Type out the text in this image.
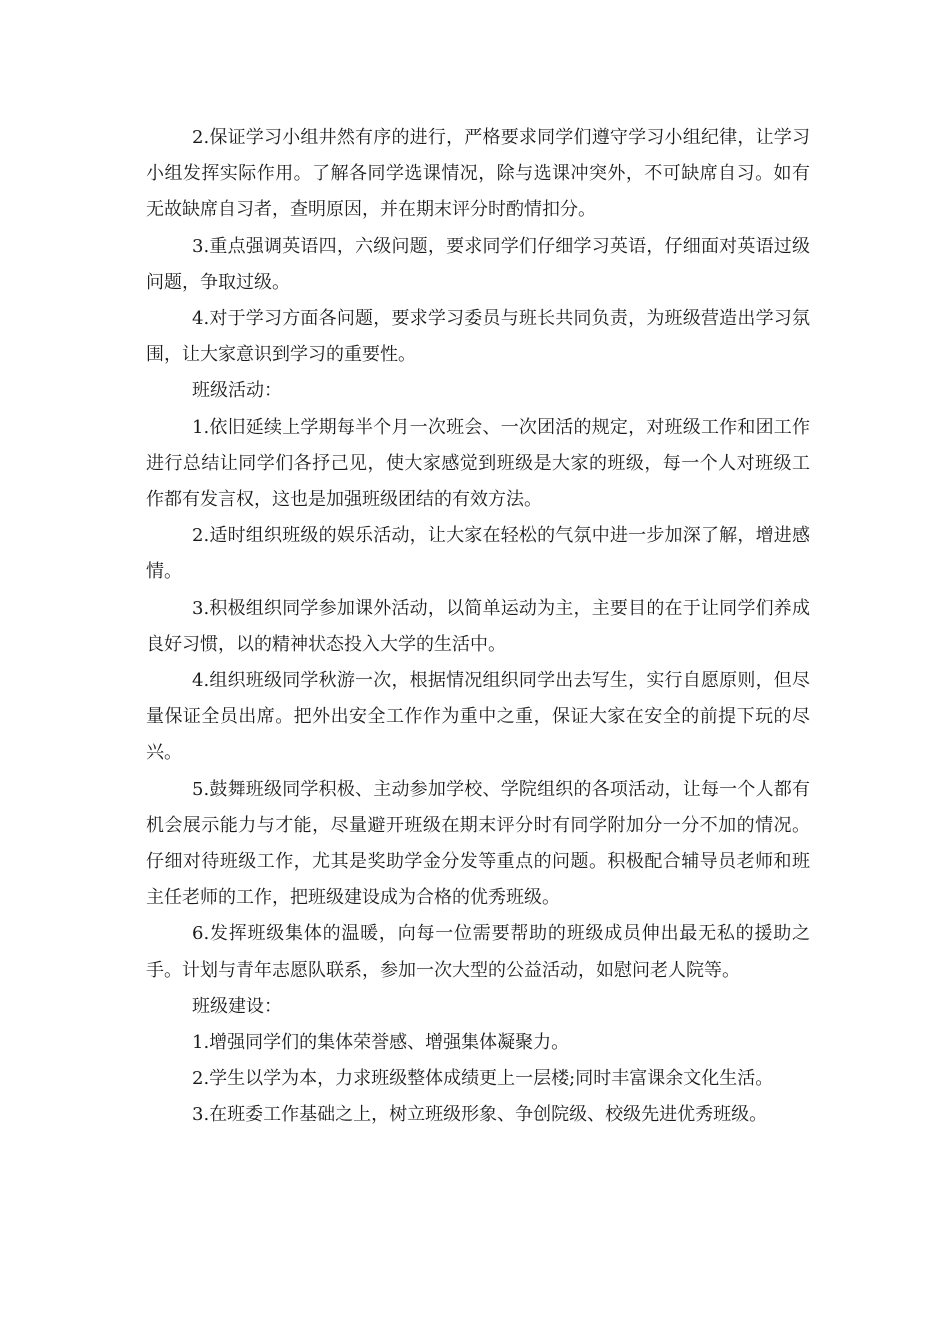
2.保证学习小组井然有序的进行，严格要求同学们遵守学习小组纪律，让学习小组发挥实际作用。了解各同学选课情况，除与选课冲突外，不可缺席自习。如有无故缺席自习者，查明原因，并在期末评分时酌情扣分。

3.重点强调英语四，六级问题，要求同学们仔细学习英语，仔细面对英语过级问题，争取过级。

4.对于学习方面各问题，要求学习委员与班长共同负责，为班级营造出学习氛围，让大家意识到学习的重要性。

班级活动：

1.依旧延续上学期每半个月一次班会、一次团活的规定，对班级工作和团工作进行总结让同学们各抒己见，使大家感觉到班级是大家的班级，每一个人对班级工作都有发言权，这也是加强班级团结的有效方法。

2.适时组织班级的娱乐活动，让大家在轻松的气氛中进一步加深了解，增进感情。

3.积极组织同学参加课外活动，以简单运动为主，主要目的在于让同学们养成良好习惯，以的精神状态投入大学的生活中。

4.组织班级同学秋游一次，根据情况组织同学出去写生，实行自愿原则，但尽量保证全员出席。把外出安全工作作为重中之重，保证大家在安全的前提下玩的尽兴。

5.鼓舞班级同学积极、主动参加学校、学院组织的各项活动，让每一个人都有机会展示能力与才能，尽量避开班级在期末评分时有同学附加分一分不加的情况。仔细对待班级工作，尤其是奖助学金分发等重点的问题。积极配合辅导员老师和班主任老师的工作，把班级建设成为合格的优秀班级。

6.发挥班级集体的温暖，向每一位需要帮助的班级成员伸出最无私的援助之手。计划与青年志愿队联系，参加一次大型的公益活动，如慰问老人院等。

班级建设：

1.增强同学们的集体荣誉感、增强集体凝聚力。

2.学生以学为本，力求班级整体成绩更上一层楼;同时丰富课余文化生活。

3.在班委工作基础之上，树立班级形象、争创院级、校级先进优秀班级。
